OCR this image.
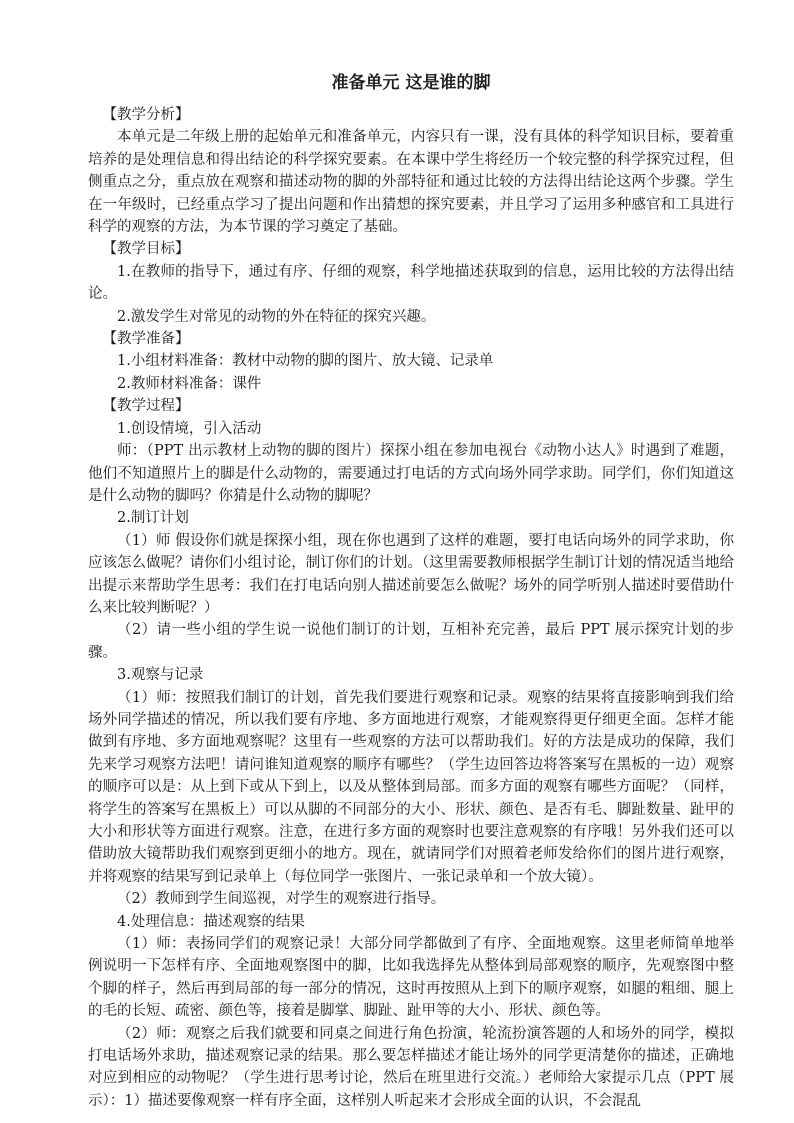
准备单元 这是谁的脚

【教学分析】

本单元是二年级上册的起始单元和准备单元，内容只有一课，没有具体的科学知识目标，要着重培养的是处理信息和得出结论的科学探究要素。在本课中学生将经历一个较完整的科学探究过程，但侧重点之分，重点放在观察和描述动物的脚的外部特征和通过比较的方法得出结论这两个步骤。学生在一年级时，已经重点学习了提出问题和作出猜想的探究要素，并且学习了运用多种感官和工具进行科学的观察的方法，为本节课的学习奠定了基础。

【教学目标】

1.在教师的指导下，通过有序、仔细的观察，科学地描述获取到的信息，运用比较的方法得出结论。

2.激发学生对常见的动物的外在特征的探究兴趣。

【教学准备】

1.小组材料准备：教材中动物的脚的图片、放大镜、记录单

2.教师材料准备：课件

【教学过程】

1.创设情境，引入活动

师：（PPT 出示教材上动物的脚的图片）探探小组在参加电视台《动物小达人》时遇到了难题，他们不知道照片上的脚是什么动物的，需要通过打电话的方式向场外同学求助。同学们，你们知道这是什么动物的脚吗？你猜是什么动物的脚呢？

2.制订计划

（1）师 假设你们就是探探小组，现在你也遇到了这样的难题，要打电话向场外的同学求助，你应该怎么做呢？请你们小组讨论，制订你们的计划。（这里需要教师根据学生制订计划的情况适当地给出提示来帮助学生思考：我们在打电话向别人描述前要怎么做呢？场外的同学听别人描述时要借助什么来比较判断呢？）

（2）请一些小组的学生说一说他们制订的计划，互相补充完善，最后 PPT 展示探究计划的步骤。

3.观察与记录

（1）师：按照我们制订的计划，首先我们要进行观察和记录。观察的结果将直接影响到我们给场外同学描述的情况，所以我们要有序地、多方面地进行观察，才能观察得更仔细更全面。怎样才能做到有序地、多方面地观察呢？这里有一些观察的方法可以帮助我们。好的方法是成功的保障，我们先来学习观察方法吧！请问谁知道观察的顺序有哪些？（学生边回答边将答案写在黑板的一边）观察的顺序可以是：从上到下或从下到上，以及从整体到局部。而多方面的观察有哪些方面呢？（同样，将学生的答案写在黑板上）可以从脚的不同部分的大小、形状、颜色、是否有毛、脚趾数量、趾甲的大小和形状等方面进行观察。注意，在进行多方面的观察时也要注意观察的有序哦！另外我们还可以借助放大镜帮助我们观察到更细小的地方。现在，就请同学们对照着老师发给你们的图片进行观察，并将观察的结果写到记录单上（每位同学一张图片、一张记录单和一个放大镜）。

（2）教师到学生间巡视，对学生的观察进行指导。

4.处理信息：描述观察的结果

（1）师：表扬同学们的观察记录！大部分同学都做到了有序、全面地观察。这里老师简单地举例说明一下怎样有序、全面地观察图中的脚，比如我选择先从整体到局部观察的顺序，先观察图中整个脚的样子，然后再到局部的每一部分的情况，这时再按照从上到下的顺序观察，如腿的粗细、腿上的毛的长短、疏密、颜色等，接着是脚掌、脚趾、趾甲等的大小、形状、颜色等。

（2）师：观察之后我们就要和同桌之间进行角色扮演，轮流扮演答题的人和场外的同学，模拟打电话场外求助，描述观察记录的结果。那么要怎样描述才能让场外的同学更清楚你的描述，正确地对应到相应的动物呢？（学生进行思考讨论，然后在班里进行交流。）老师给大家提示几点（PPT 展示）：1）描述要像观察一样有序全面，这样别人听起来才会形成全面的认识，不会混乱
